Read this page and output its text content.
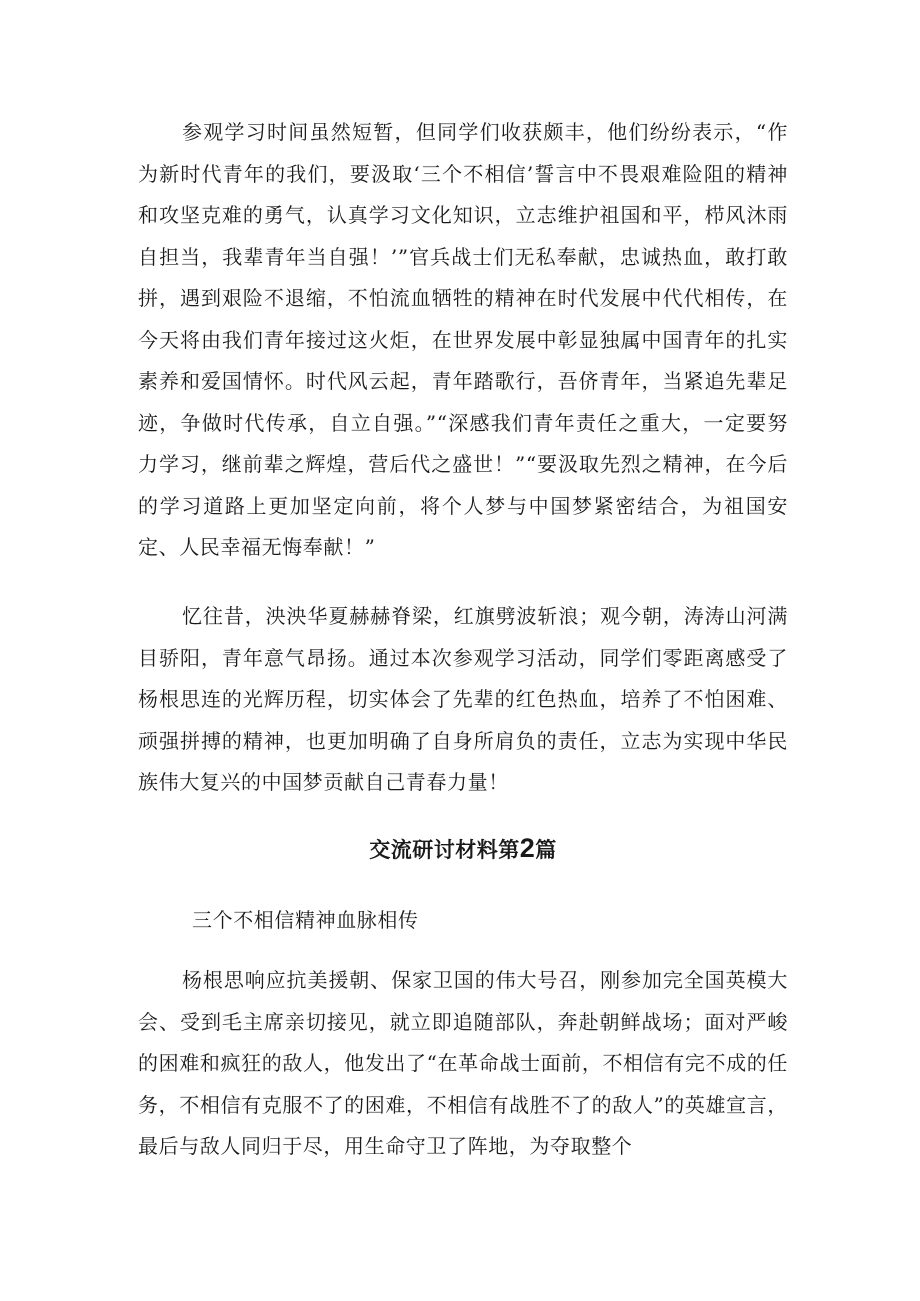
参观学习时间虽然短暂，但同学们收获颇丰，他们纷纷表示，“作为新时代青年的我们，要汲取‘三个不相信’誓言中不畏艰难险阻的精神和攻坚克难的勇气，认真学习文化知识，立志维护祖国和平，栉风沐雨自担当，我辈青年当自强！’”官兵战士们无私奉献，忠诚热血，敢打敢拼，遇到艰险不退缩，不怕流血牺牲的精神在时代发展中代代相传，在今天将由我们青年接过这火炬，在世界发展中彰显独属中国青年的扎实素养和爱国情怀。时代风云起，青年踏歌行，吾侪青年，当紧追先辈足迹，争做时代传承，自立自强。”“深感我们青年责任之重大，一定要努力学习，继前辈之辉煌，营后代之盛世！”“要汲取先烈之精神，在今后的学习道路上更加坚定向前，将个人梦与中国梦紧密结合，为祖国安定、人民幸福无悔奉献！”

忆往昔，泱泱华夏赫赫脊梁，红旗劈波斩浪；观今朝，涛涛山河满目骄阳，青年意气昂扬。通过本次参观学习活动，同学们零距离感受了杨根思连的光辉历程，切实体会了先辈的红色热血，培养了不怕困难、顽强拼搏的精神，也更加明确了自身所肩负的责任，立志为实现中华民族伟大复兴的中国梦贡献自己青春力量！

交流研讨材料第2篇

三个不相信精神血脉相传

杨根思响应抗美援朝、保家卫国的伟大号召，刚参加完全国英模大会、受到毛主席亲切接见，就立即追随部队，奔赴朝鲜战场；面对严峻的困难和疯狂的敌人，他发出了“在革命战士面前，不相信有完不成的任务，不相信有克服不了的困难，不相信有战胜不了的敌人”的英雄宣言，最后与敌人同归于尽，用生命守卫了阵地，为夺取整个
